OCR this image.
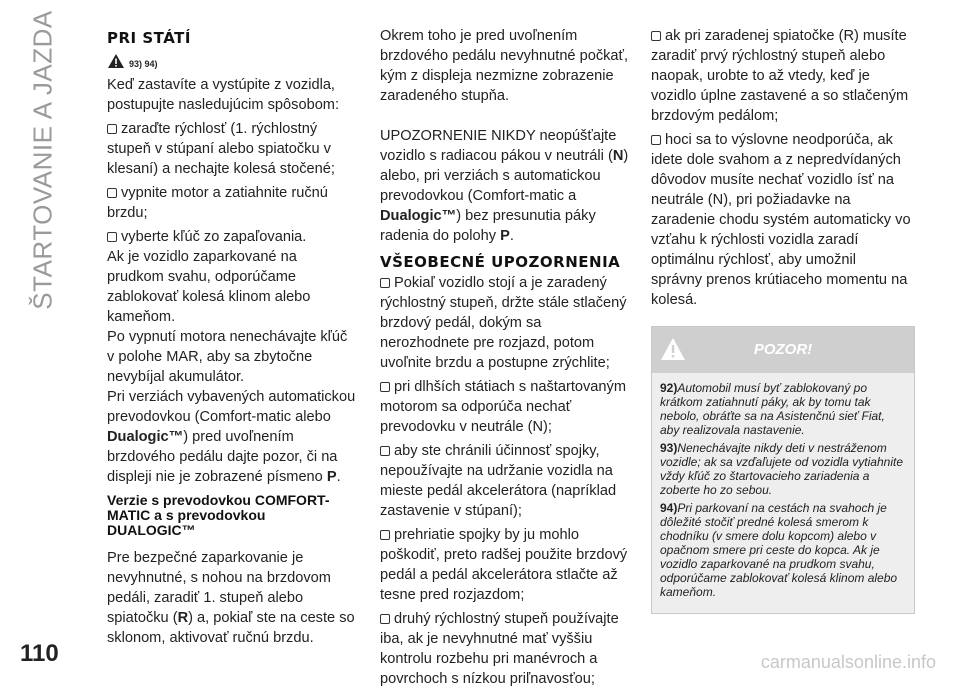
ŠTARTOVANIE A JAZDA	PRI STÁTÍ
93) 94)

Keď zastavíte a vystúpite z vozidla, postupujte nasledujúcim spôsobom:

zaraďte rýchlosť (1. rýchlostný stupeň v stúpaní alebo spiatočku v klesaní) a nechajte kolesá stočené;

vypnite motor a zatiahnite ručnú brzdu;

vyberte kľúč zo zapaľovania.

Ak je vozidlo zaparkované na prudkom svahu, odporúčame zablokovať kolesá klinom alebo kameňom.

Po vypnutí motora nenechávajte kľúč v polohe MAR, aby sa zbytočne nevybíjal akumulátor.

Pri verziách vybavených automatickou prevodovkou (Comfort-matic alebo Dualogic™) pred uvoľnením brzdového pedálu dajte pozor, či na displeji nie je zobrazené písmeno P.

Verzie s prevodovkou COMFORT-MATIC a s prevodovkou DUALOGIC™

Pre bezpečné zaparkovanie je nevyhnutné, s nohou na brzdovom pedáli, zaradiť 1. stupeň alebo spiatočku (R) a, pokiaľ ste na ceste so sklonom, aktivovať ručnú brzdu.

Okrem toho je pred uvoľnením brzdového pedálu nevyhnutné počkať, kým z displeja nezmizne zobrazenie zaradeného stupňa.

UPOZORNENIE NIKDY neopúšťajte vozidlo s radiacou pákou v neutráli (N) alebo, pri verziách s automatickou prevodovkou (Comfort-matic a Dualogic™) bez presunutia páky radenia do polohy P.

VŠEOBECNÉ UPOZORNENIA

Pokiaľ vozidlo stojí a je zaradený rýchlostný stupeň, držte stále stlačený brzdový pedál, dokým sa nerozhodnete pre rozjazd, potom uvoľnite brzdu a postupne zrýchlite;

pri dlhších státiach s naštartovaným motorom sa odporúča nechať prevodovku v neutrále (N);

aby ste chránili účinnosť spojky, nepoužívajte na udržanie vozidla na mieste pedál akcelerátora (napríklad zastavenie v stúpaní);

prehriatie spojky by ju mohlo poškodiť, preto radšej použite brzdový pedál a pedál akcelerátora stlačte až tesne pred rozjazdom;

druhý rýchlostný stupeň používajte iba, ak je nevyhnutné mať vyššiu kontrolu rozbehu pri manévroch a povrchoch s nízkou priľnavosťou;

ak pri zaradenej spiatočke (R) musíte zaradiť prvý rýchlostný stupeň alebo naopak, urobte to až vtedy, keď je vozidlo úplne zastavené a so stlačeným brzdovým pedálom;

hoci sa to výslovne neodporúča, ak idete dole svahom a z nepredvídaných dôvodov musíte nechať vozidlo ísť na neutrále (N), pri požiadavke na zaradenie chodu systém automaticky vo vzťahu k rýchlosti vozidla zaradí optimálnu rýchlosť, aby umožnil správny prenos krútiaceho momentu na kolesá.

POZOR!

92)Automobil musí byť zablokovaný po krátkom zatiahnutí páky, ak by tomu tak nebolo, obráťte sa na Asistenčnú sieť Fiat, aby realizovala nastavenie.

93)Nenechávajte nikdy deti v nestráženom vozidle; ak sa vzďaľujete od vozidla vytiahnite vždy kľúč zo štartovacieho zariadenia a zoberte ho zo sebou.

94)Pri parkovaní na cestách na svahoch je dôležité stočiť predné kolesá smerom k chodníku (v smere dolu kopcom) alebo v opačnom smere pri ceste do kopca. Ak je vozidlo zaparkované na prudkom svahu, odporúčame zablokovať kolesá klinom alebo kameňom.

110	carmanualsonline.info
